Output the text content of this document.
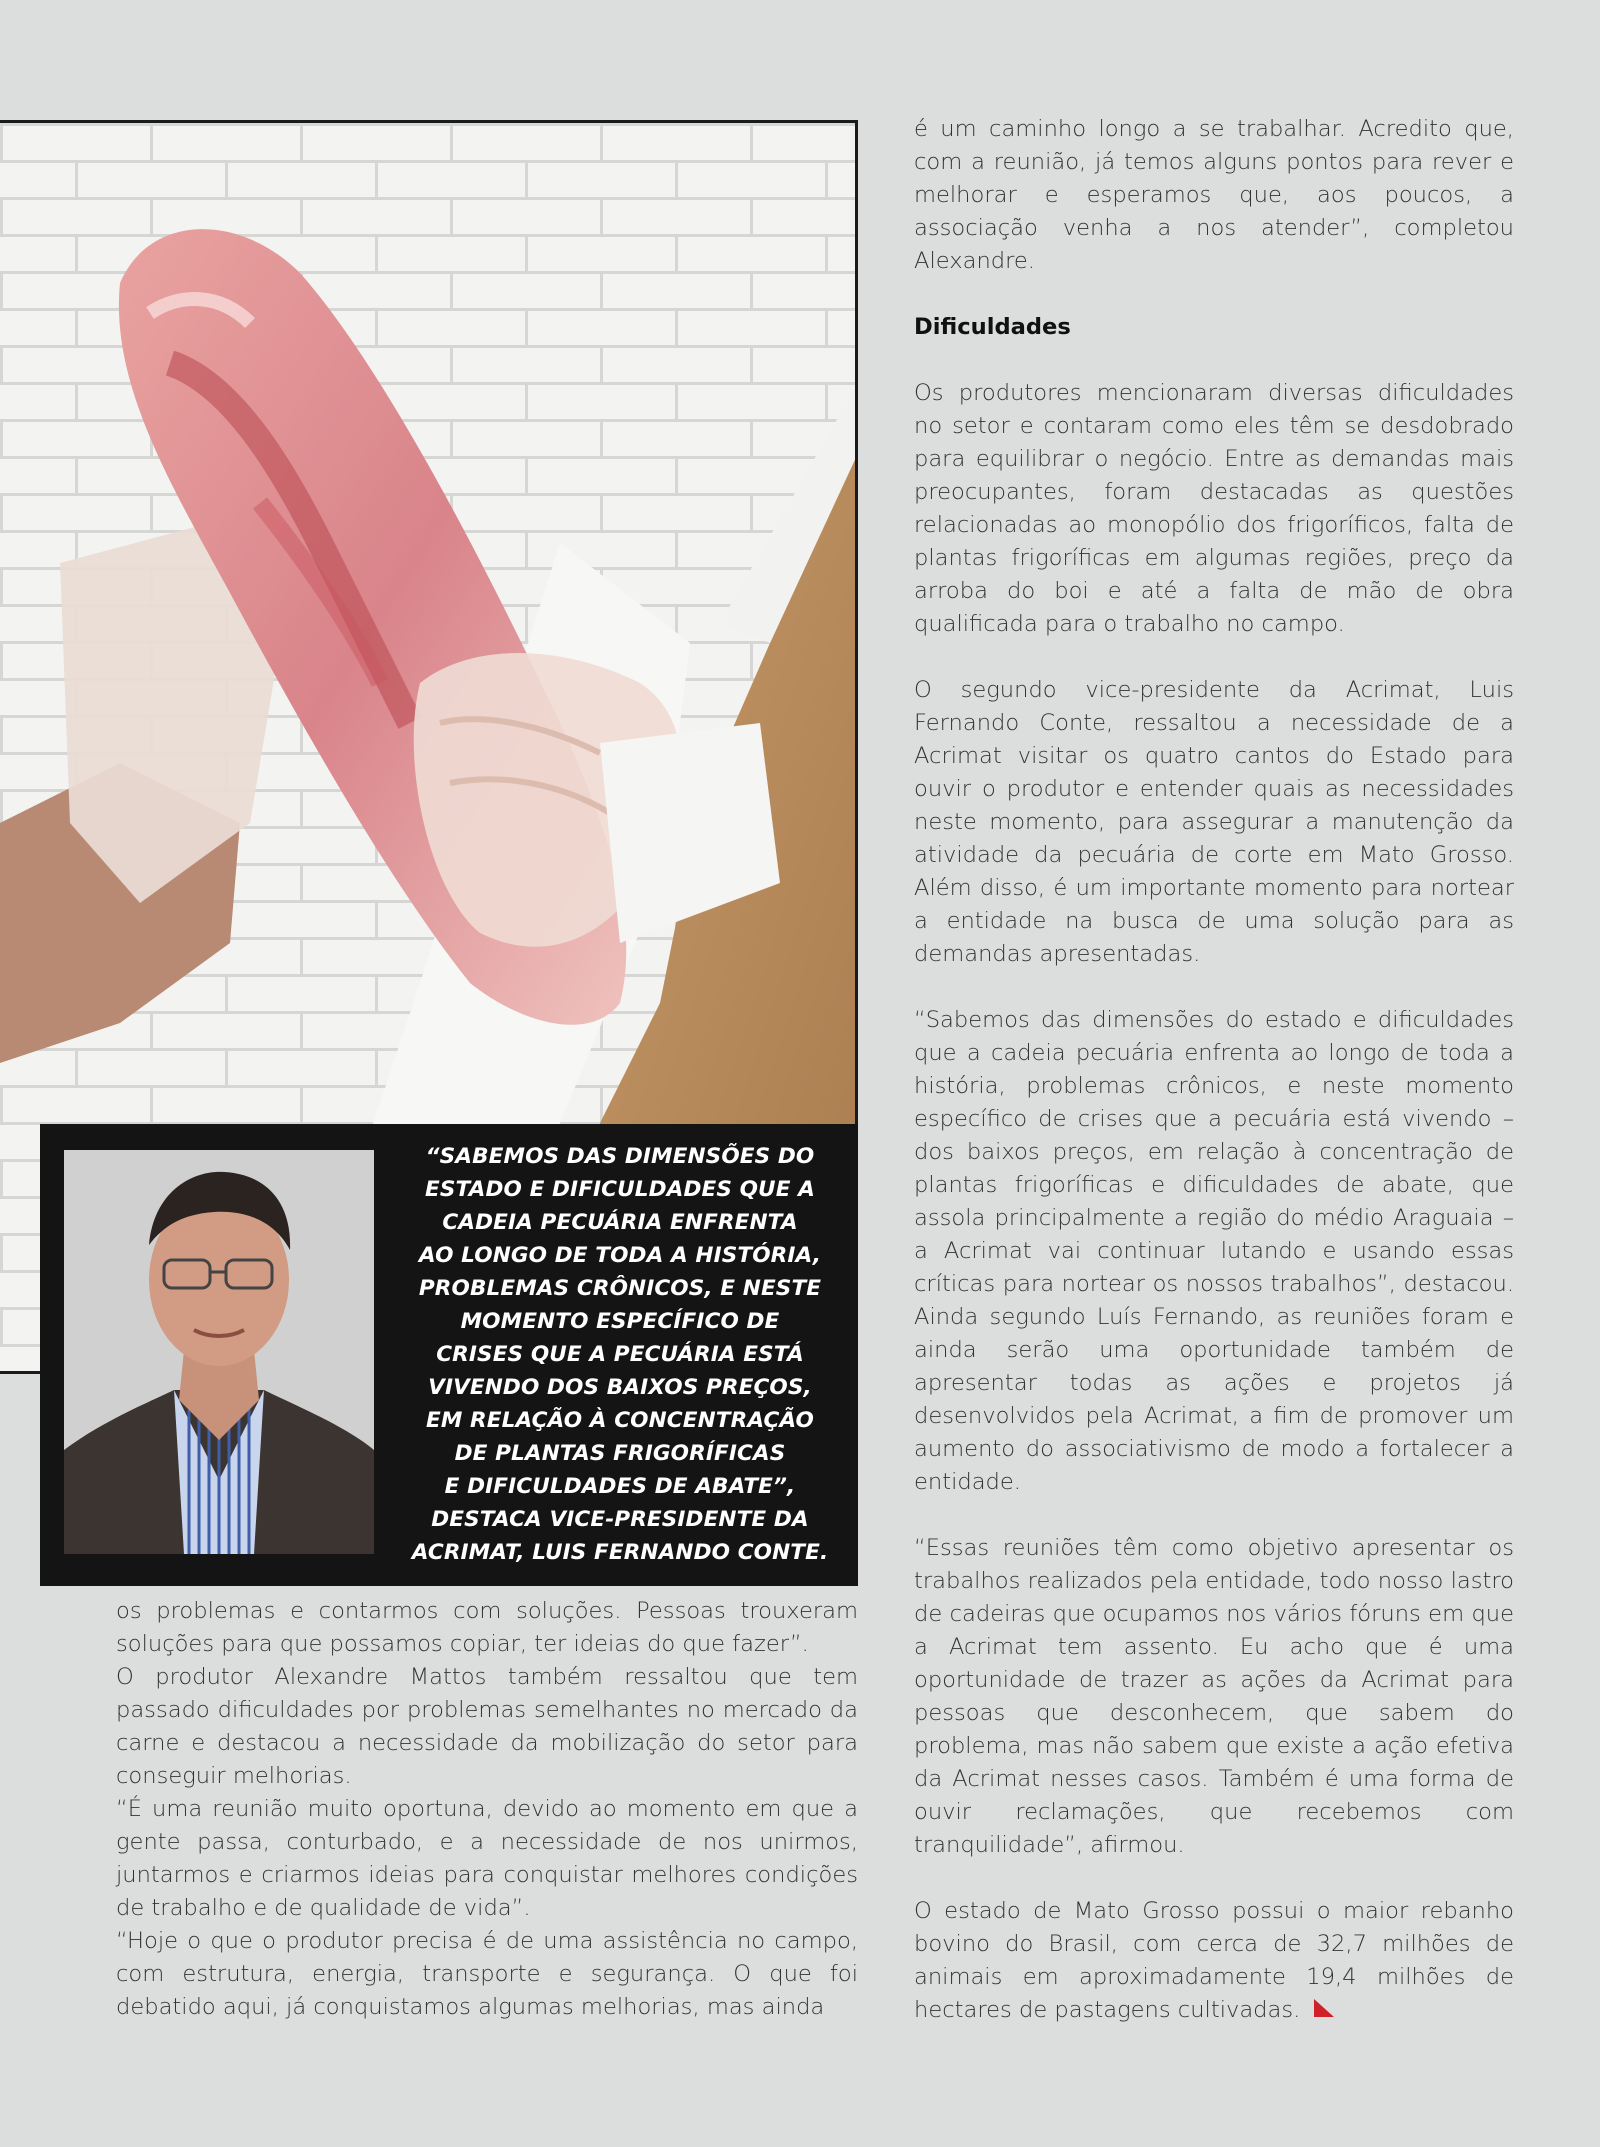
“SABEMOS DAS DIMENSÕES DO
ESTADO E DIFICULDADES QUE A
CADEIA PECUÁRIA ENFRENTA
AO LONGO DE TODA A HISTÓRIA,
PROBLEMAS CRÔNICOS, E NESTE
MOMENTO ESPECÍFICO DE
CRISES QUE A PECUÁRIA ESTÁ
VIVENDO DOS BAIXOS PREÇOS,
EM RELAÇÃO À CONCENTRAÇÃO
DE PLANTAS FRIGORÍFICAS
E DIFICULDADES DE ABATE”,
DESTACA VICE-PRESIDENTE DA
ACRIMAT, LUIS FERNANDO CONTE.

os problemas e contarmos com soluções. Pessoas trouxeram soluções para que possamos copiar, ter ideias do que fazer”.

O produtor Alexandre Mattos também ressaltou que tem passado dificuldades por problemas semelhantes no mercado da carne e destacou a necessidade da mobilização do setor para conseguir melhorias.

“É uma reunião muito oportuna, devido ao momento em que a gente passa, conturbado, e a necessidade de nos unirmos, juntarmos e criarmos ideias para conquistar melhores condições de trabalho e de qualidade de vida”.

“Hoje o que o produtor precisa é de uma assistência no campo, com estrutura, energia, transporte e segurança. O que foi debatido aqui, já conquistamos algumas melhorias, mas ainda

é um caminho longo a se trabalhar. Acredito que, com a reunião, já temos alguns pontos para rever e melhorar e esperamos que, aos poucos, a associação venha a nos atender”, completou Alexandre.

Dificuldades

Os produtores mencionaram diversas dificuldades no setor e contaram como eles têm se desdobrado para equilibrar o negócio. Entre as demandas mais preocupantes, foram destacadas as questões relacionadas ao monopólio dos frigoríficos, falta de plantas frigoríficas em algumas regiões, preço da arroba do boi e até a falta de mão de obra qualificada para o trabalho no campo.

O segundo vice-presidente da Acrimat, Luis Fernando Conte, ressaltou a necessidade de a Acrimat visitar os quatro cantos do Estado para ouvir o produtor e entender quais as necessidades neste momento, para assegurar a manutenção da atividade da pecuária de corte em Mato Grosso. Além disso, é um importante momento para nortear a entidade na busca de uma solução para as demandas apresentadas.

“Sabemos das dimensões do estado e dificuldades que a cadeia pecuária enfrenta ao longo de toda a história, problemas crônicos, e neste momento específico de crises que a pecuária está vivendo – dos baixos preços, em relação à concentração de plantas frigoríficas e dificuldades de abate, que assola principalmente a região do médio Araguaia – a Acrimat vai continuar lutando e usando essas críticas para nortear os nossos trabalhos”, destacou. Ainda segundo Luís Fernando, as reuniões foram e ainda serão uma oportunidade também de apresentar todas as ações e projetos já desenvolvidos pela Acrimat, a fim de promover um aumento do associativismo de modo a fortalecer a entidade.

“Essas reuniões têm como objetivo apresentar os trabalhos realizados pela entidade, todo nosso lastro de cadeiras que ocupamos nos vários fóruns em que a Acrimat tem assento. Eu acho que é uma oportunidade de trazer as ações da Acrimat para pessoas que desconhecem, que sabem do problema, mas não sabem que existe a ação efetiva da Acrimat nesses casos. Também é uma forma de ouvir reclamações, que recebemos com tranquilidade”, afirmou.

O estado de Mato Grosso possui o maior rebanho bovino do Brasil, com cerca de 32,7 milhões de animais em aproximadamente 19,4 milhões de hectares de pastagens cultivadas.
